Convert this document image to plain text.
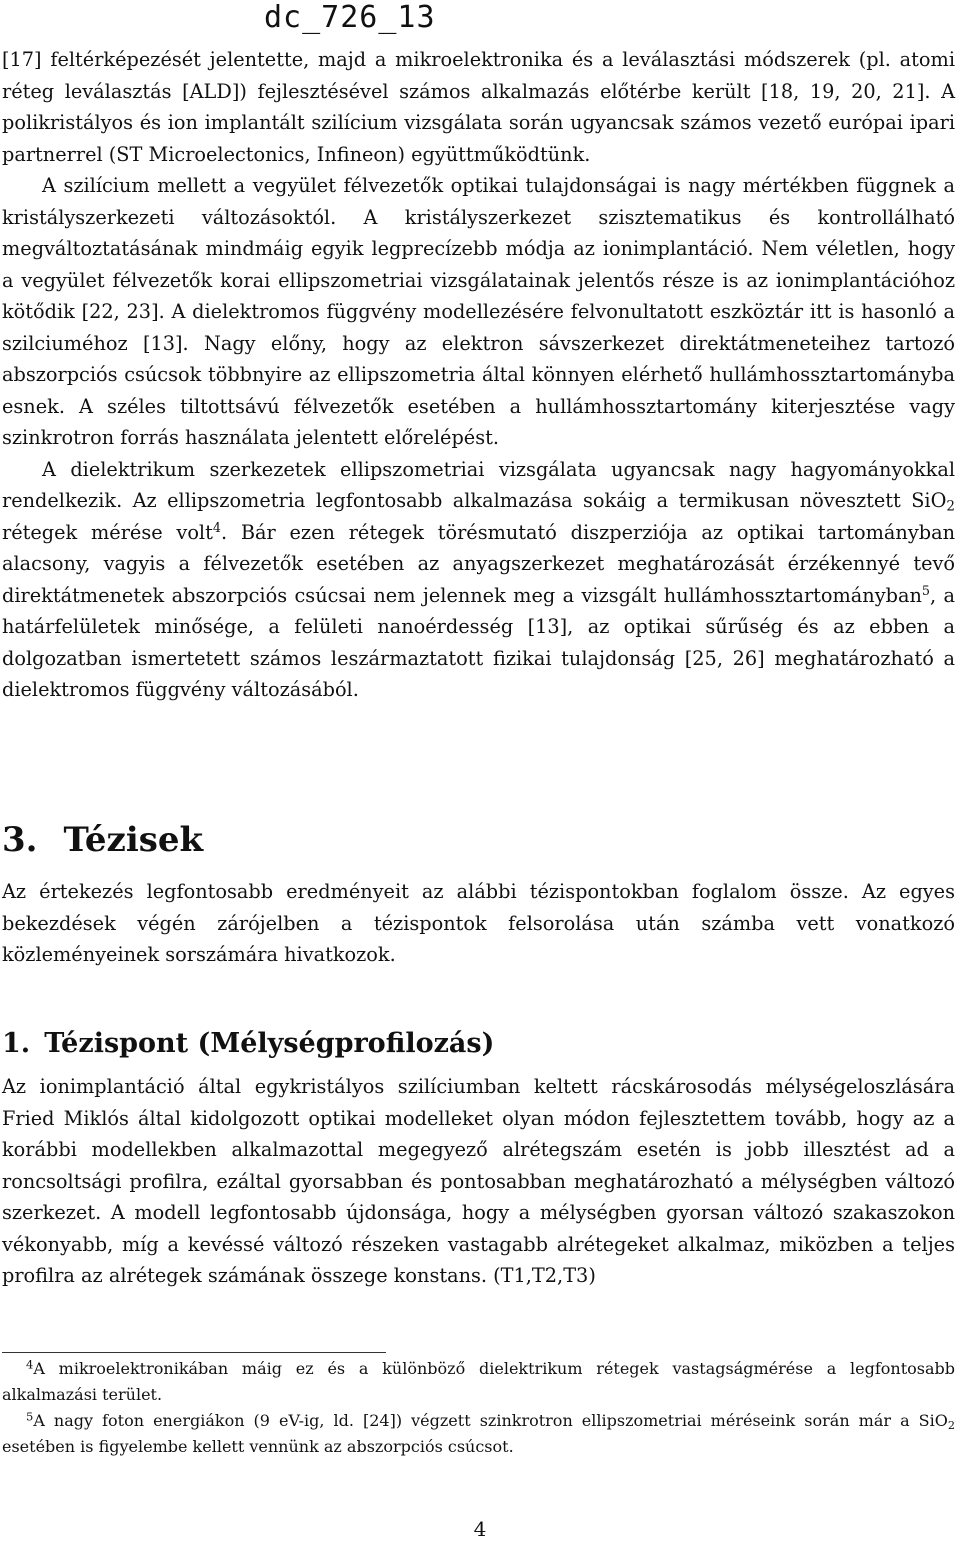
dc_726_13

[17] feltérképezését jelentette, majd a mikroelektronika és a leválasztási módszerek (pl. atomi réteg leválasztás [ALD]) fejlesztésével számos alkalmazás előtérbe került [18, 19, 20, 21]. A polikristályos és ion implantált szilícium vizsgálata során ugyancsak számos vezető európai ipari partnerrel (ST Microelectonics, Infineon) együttműködtünk.

A szilícium mellett a vegyület félvezetők optikai tulajdonságai is nagy mértékben függnek a kristályszerkezeti változásoktól. A kristályszerkezet szisztematikus és kontrollálható megváltoztatásának mindmáig egyik legprecízebb módja az ionimplantáció. Nem véletlen, hogy a vegyület félvezetők korai ellipszometriai vizsgálatainak jelentős része is az ionimplantációhoz kötődik [22, 23]. A dielektromos függvény modellezésére felvonultatott eszköztár itt is hasonló a szilciuméhoz [13]. Nagy előny, hogy az elektron sávszerkezet direktátmeneteihez tartozó abszorpciós csúcsok többnyire az ellipszometria által könnyen elérhető hullámhossztartományba esnek. A széles tiltottsávú félvezetők esetében a hullámhossztartomány kiterjesztése vagy szinkrotron forrás használata jelentett előrelépést.

A dielektrikum szerkezetek ellipszometriai vizsgálata ugyancsak nagy hagyományokkal rendelkezik. Az ellipszometria legfontosabb alkalmazása sokáig a termikusan növesztett SiO$_2$ rétegek mérése volt$^4$. Bár ezen rétegek törésmutató diszperziója az optikai tartományban alacsony, vagyis a félvezetők esetében az anyagszerkezet meghatározását érzékennyé tevő direktátmenetek abszorpciós csúcsai nem jelennek meg a vizsgált hullámhossztartományban$^5$, a határfelületek minősége, a felületi nanoérdesség [13], az optikai sűrűség és az ebben a dolgozatban ismertetett számos leszármaztatott fizikai tulajdonság [25, 26] meghatározható a dielektromos függvény változásából.

3. Tézisek

Az értekezés legfontosabb eredményeit az alábbi tézispontokban foglalom össze. Az egyes bekezdések végén zárójelben a tézispontok felsorolása után számba vett vonatkozó közleményeinek sorszámára hivatkozok.

1. Tézispont (Mélységprofilozás)

Az ionimplantáció által egykristályos szilíciumban keltett rácskárosodás mélységeloszlására Fried Miklós által kidolgozott optikai modelleket olyan módon fejlesztettem tovább, hogy az a korábbi modellekben alkalmazottal megegyező alrétegszám esetén is jobb illesztést ad a roncsoltsági profilra, ezáltal gyorsabban és pontosabban meghatározható a mélységben változó szerkezet. A modell legfontosabb újdonsága, hogy a mélységben gyorsan változó szakaszokon vékonyabb, míg a kevéssé változó részeken vastagabb alrétegeket alkalmaz, miközben a teljes profilra az alrétegek számának összege konstans. (T1,T2,T3)

$^4$A mikroelektronikában máig ez és a különböző dielektrikum rétegek vastagságmérése a legfontosabb alkalmazási terület.

$^5$A nagy foton energiákon (9 eV-ig, ld. [24]) végzett szinkrotron ellipszometriai méréseink során már a SiO$_2$ esetében is figyelembe kellett vennünk az abszorpciós csúcsot.

4
